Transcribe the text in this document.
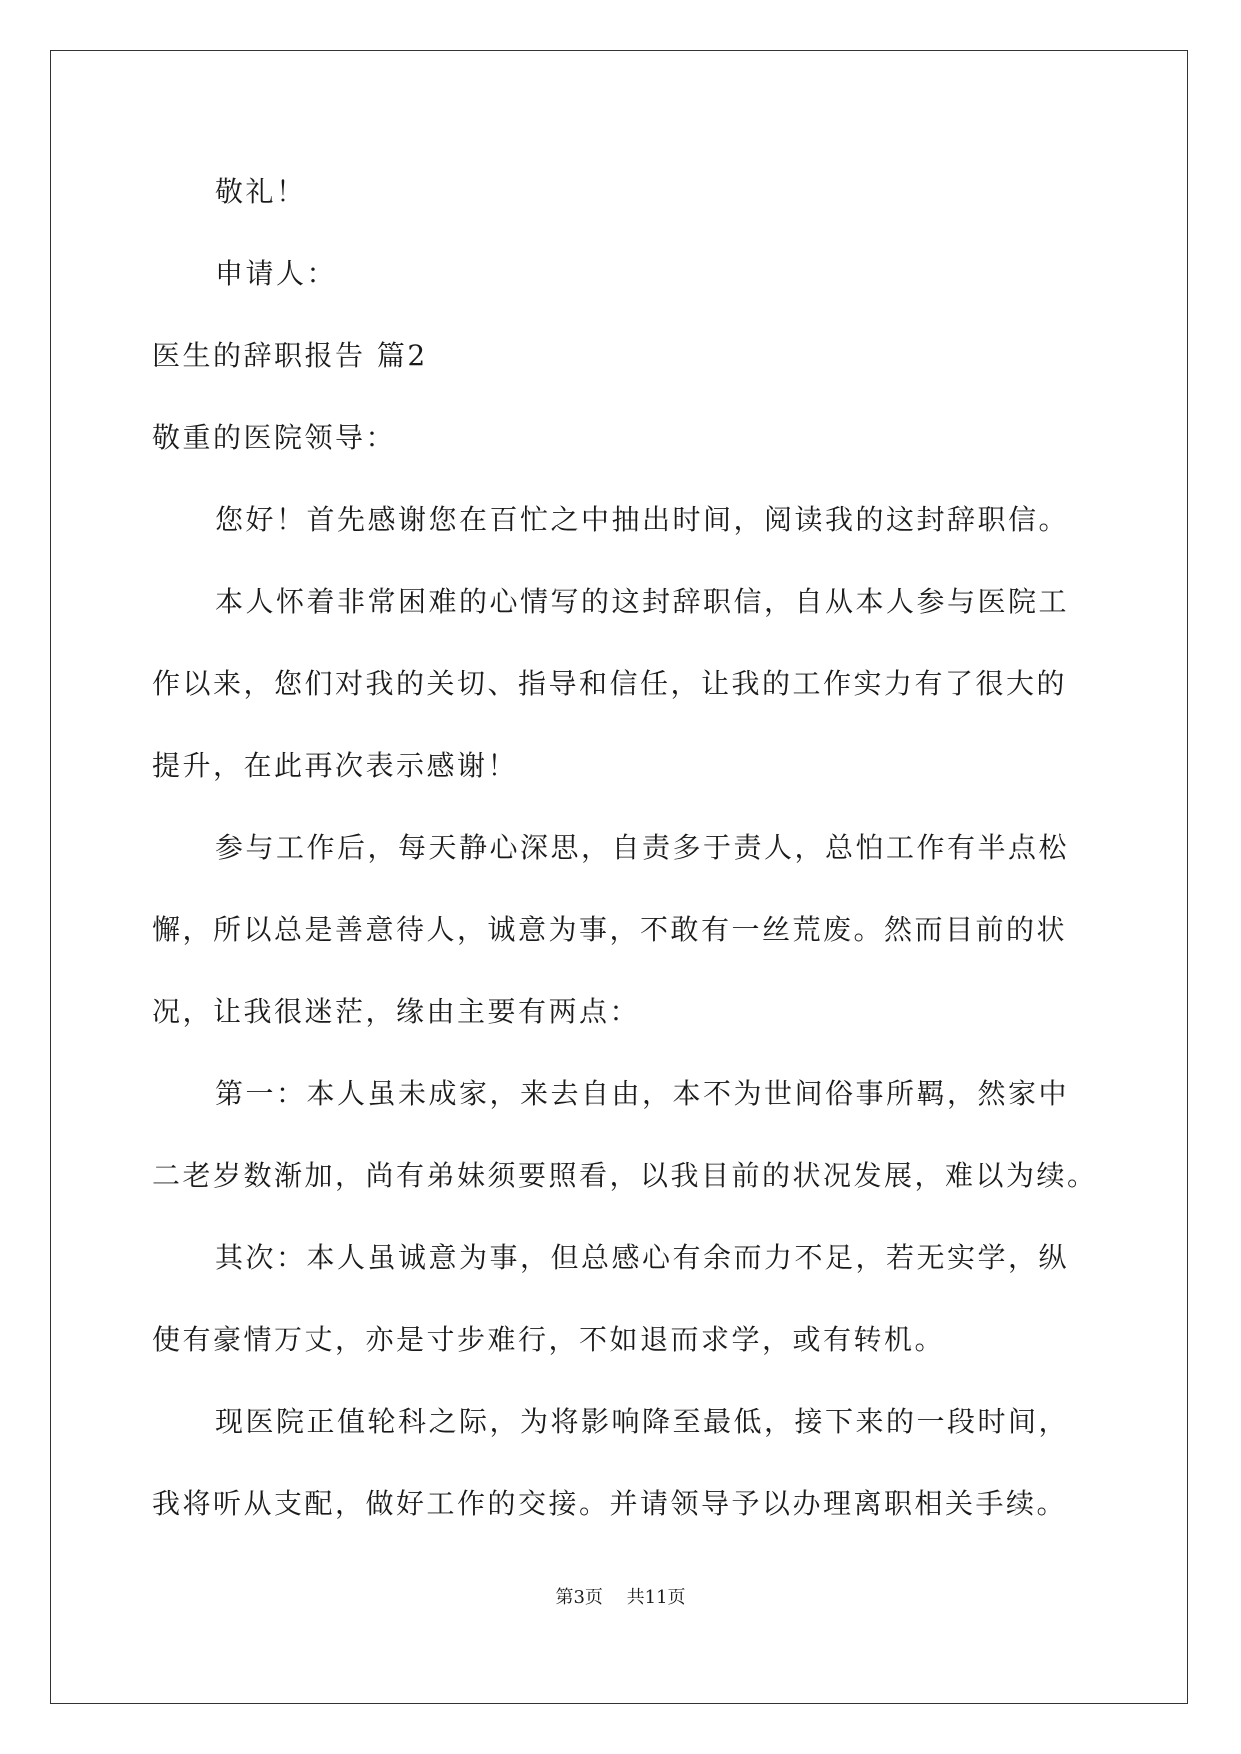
敬礼！

申请人：

医生的辞职报告 篇2

敬重的医院领导：

您好！首先感谢您在百忙之中抽出时间，阅读我的这封辞职信。

本人怀着非常困难的心情写的这封辞职信，自从本人参与医院工

作以来，您们对我的关切、指导和信任，让我的工作实力有了很大的

提升，在此再次表示感谢！

参与工作后，每天静心深思，自责多于责人，总怕工作有半点松

懈，所以总是善意待人，诚意为事，不敢有一丝荒废。然而目前的状

况，让我很迷茫，缘由主要有两点：

第一：本人虽未成家，来去自由，本不为世间俗事所羁，然家中

二老岁数渐加，尚有弟妹须要照看，以我目前的状况发展，难以为续。

其次：本人虽诚意为事，但总感心有余而力不足，若无实学，纵

使有豪情万丈，亦是寸步难行，不如退而求学，或有转机。

现医院正值轮科之际，为将影响降至最低，接下来的一段时间，

我将听从支配，做好工作的交接。并请领导予以办理离职相关手续。

第3页 共11页
